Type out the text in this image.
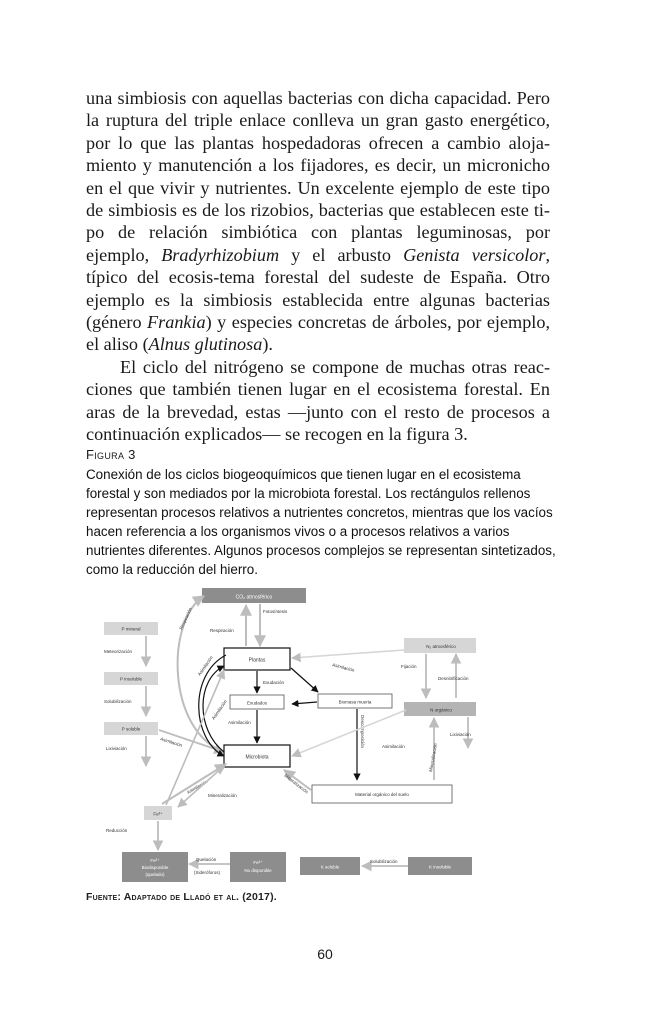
una simbiosis con aquellas bacterias con dicha capacidad. Pero la ruptura del triple enlace conlleva un gran gasto energético, por lo que las plantas hospedadoras ofrecen a cambio aloja-miento y manutención a los fijadores, es decir, un micronicho en el que vivir y nutrientes. Un excelente ejemplo de este tipo de simbiosis es de los rizobios, bacterias que establecen este ti-po de relación simbiótica con plantas leguminosas, por ejemplo, Bradyrhizobium y el arbusto Genista versicolor, típico del ecosis-tema forestal del sudeste de España. Otro ejemplo es la simbiosis establecida entre algunas bacterias (género Frankia) y especies concretas de árboles, por ejemplo, el aliso (Alnus glutinosa).

El ciclo del nitrógeno se compone de muchas otras reac-ciones que también tienen lugar en el ecosistema forestal. En aras de la brevedad, estas —junto con el resto de procesos a continuación explicados— se recogen en la figura 3.

Figura 3
Conexión de los ciclos biogeoquímicos que tienen lugar en el ecosistema forestal y son mediados por la microbiota forestal. Los rectángulos rellenos representan procesos relativos a nutrientes concretos, mientras que los vacíos hacen referencia a los organismos vivos o a procesos relativos a varios nutrientes diferentes. Algunos procesos complejos se representan sintetizados, como la reducción del hierro.
CO₂ atmosférico
Fotosíntesis
Respiración
Respiración
P mineral
Meteorización
P insoluble
Solubilización
P soluble
Lixiviación
Asimilación
Plantas
Exudados
Exudación
Asimilación
Microbiota
Asimilación
Asimilación	Biomasa muerta
Descomposición
Material orgánico del suelo
Mineralización
N₂ atmosférico
Fijación
Desnitrificación
N orgánico
Lixiviación
Asimilación
Asimilación	Mineralización
Fe³⁺
Asimilación
Mineralización
Reducción
Fe²⁺
Biodisponible
(quelado)
Quelación
(Sideróforos)
Fe²⁺
No disponible
K soluble
Solubilización
K insoluble
Fuente: Adaptado de Lladó et al. (2017).
60
